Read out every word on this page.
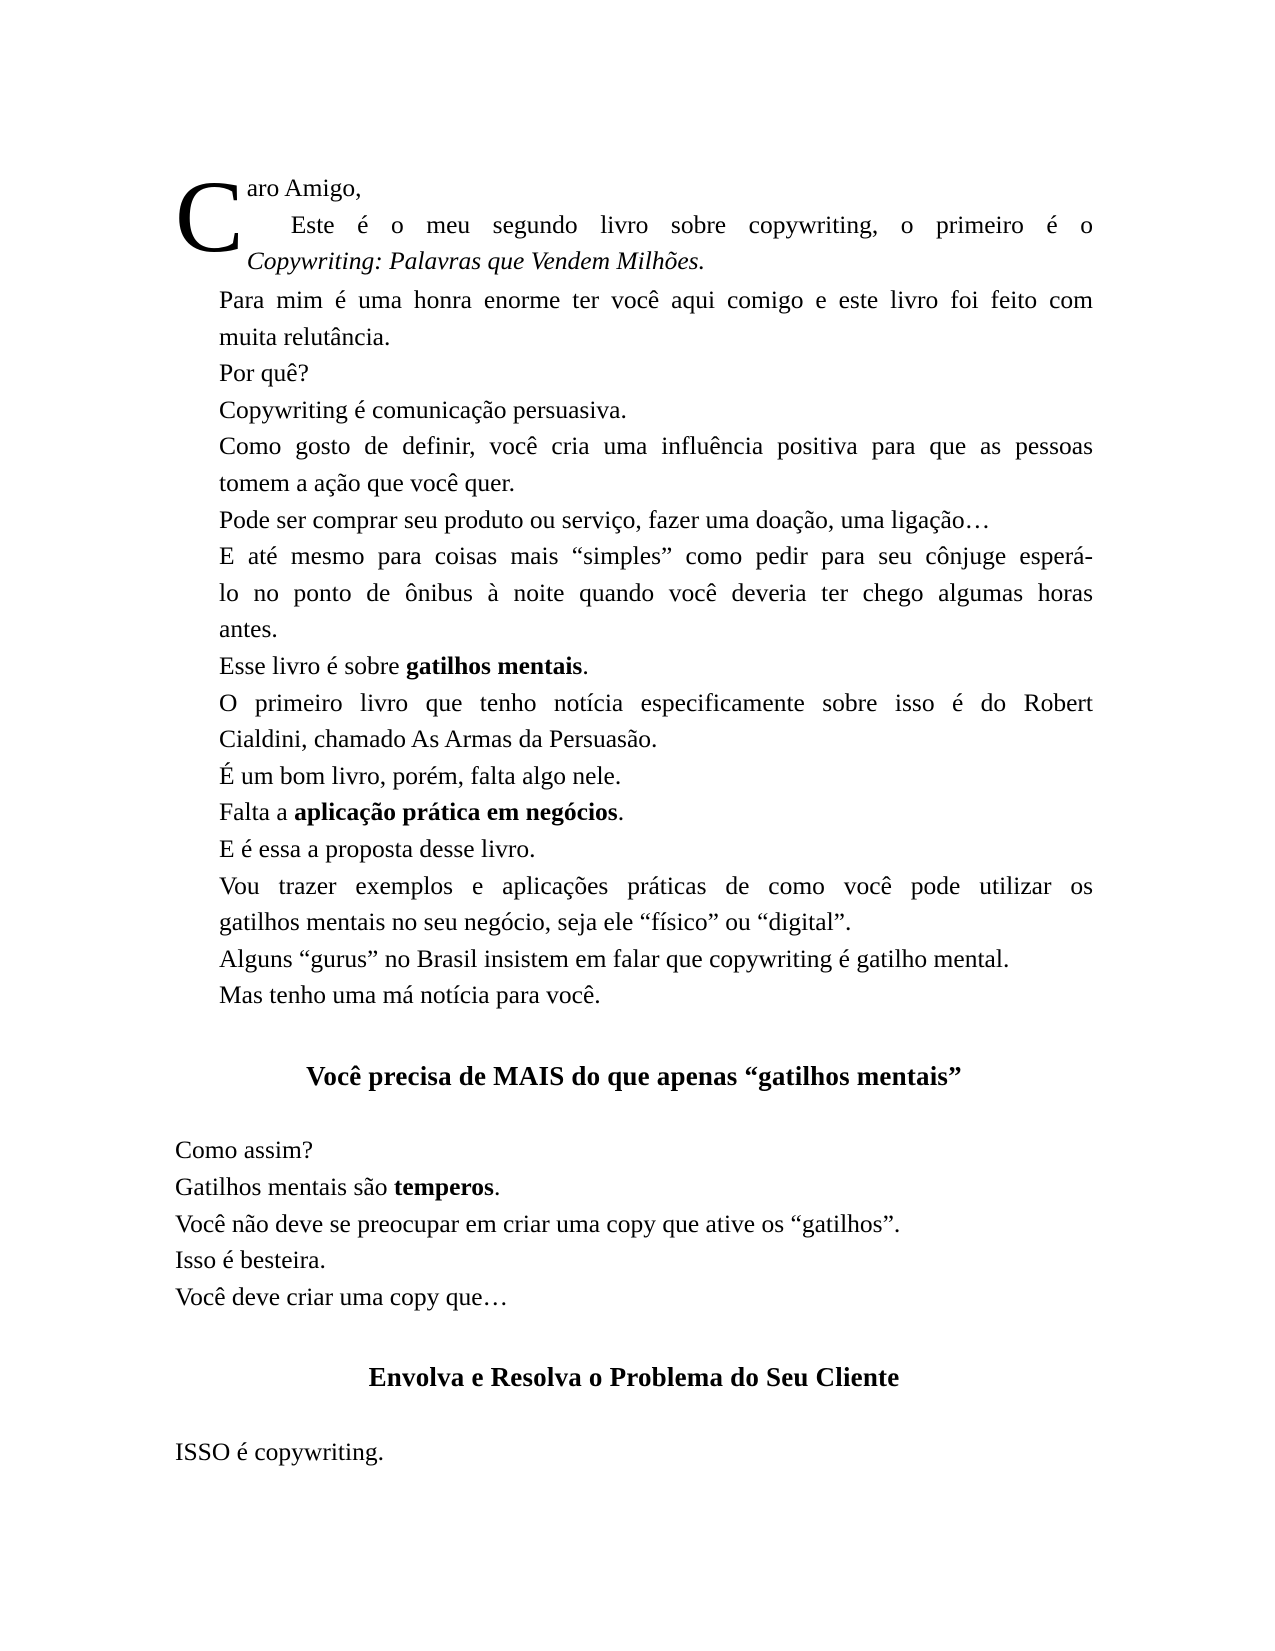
C aro Amigo,
Este é o meu segundo livro sobre copywriting, o primeiro é o
Copywriting: Palavras que Vendem Milhões.

Para mim é uma honra enorme ter você aqui comigo e este livro foi feito com
muita relutância.

Por quê?

Copywriting é comunicação persuasiva.

Como gosto de definir, você cria uma influência positiva para que as pessoas
tomem a ação que você quer.

Pode ser comprar seu produto ou serviço, fazer uma doação, uma ligação…

E até mesmo para coisas mais “simples” como pedir para seu cônjuge esperá-
lo no ponto de ônibus à noite quando você deveria ter chego algumas horas
antes.

Esse livro é sobre gatilhos mentais.

O primeiro livro que tenho notícia especificamente sobre isso é do Robert
Cialdini, chamado As Armas da Persuasão.

É um bom livro, porém, falta algo nele.

Falta a aplicação prática em negócios.

E é essa a proposta desse livro.

Vou trazer exemplos e aplicações práticas de como você pode utilizar os
gatilhos mentais no seu negócio, seja ele “físico” ou “digital”.

Alguns “gurus” no Brasil insistem em falar que copywriting é gatilho mental.

Mas tenho uma má notícia para você.

Você precisa de MAIS do que apenas “gatilhos mentais”

Como assim?

Gatilhos mentais são temperos.

Você não deve se preocupar em criar uma copy que ative os “gatilhos”.

Isso é besteira.

Você deve criar uma copy que…

Envolva e Resolva o Problema do Seu Cliente

ISSO é copywriting.
